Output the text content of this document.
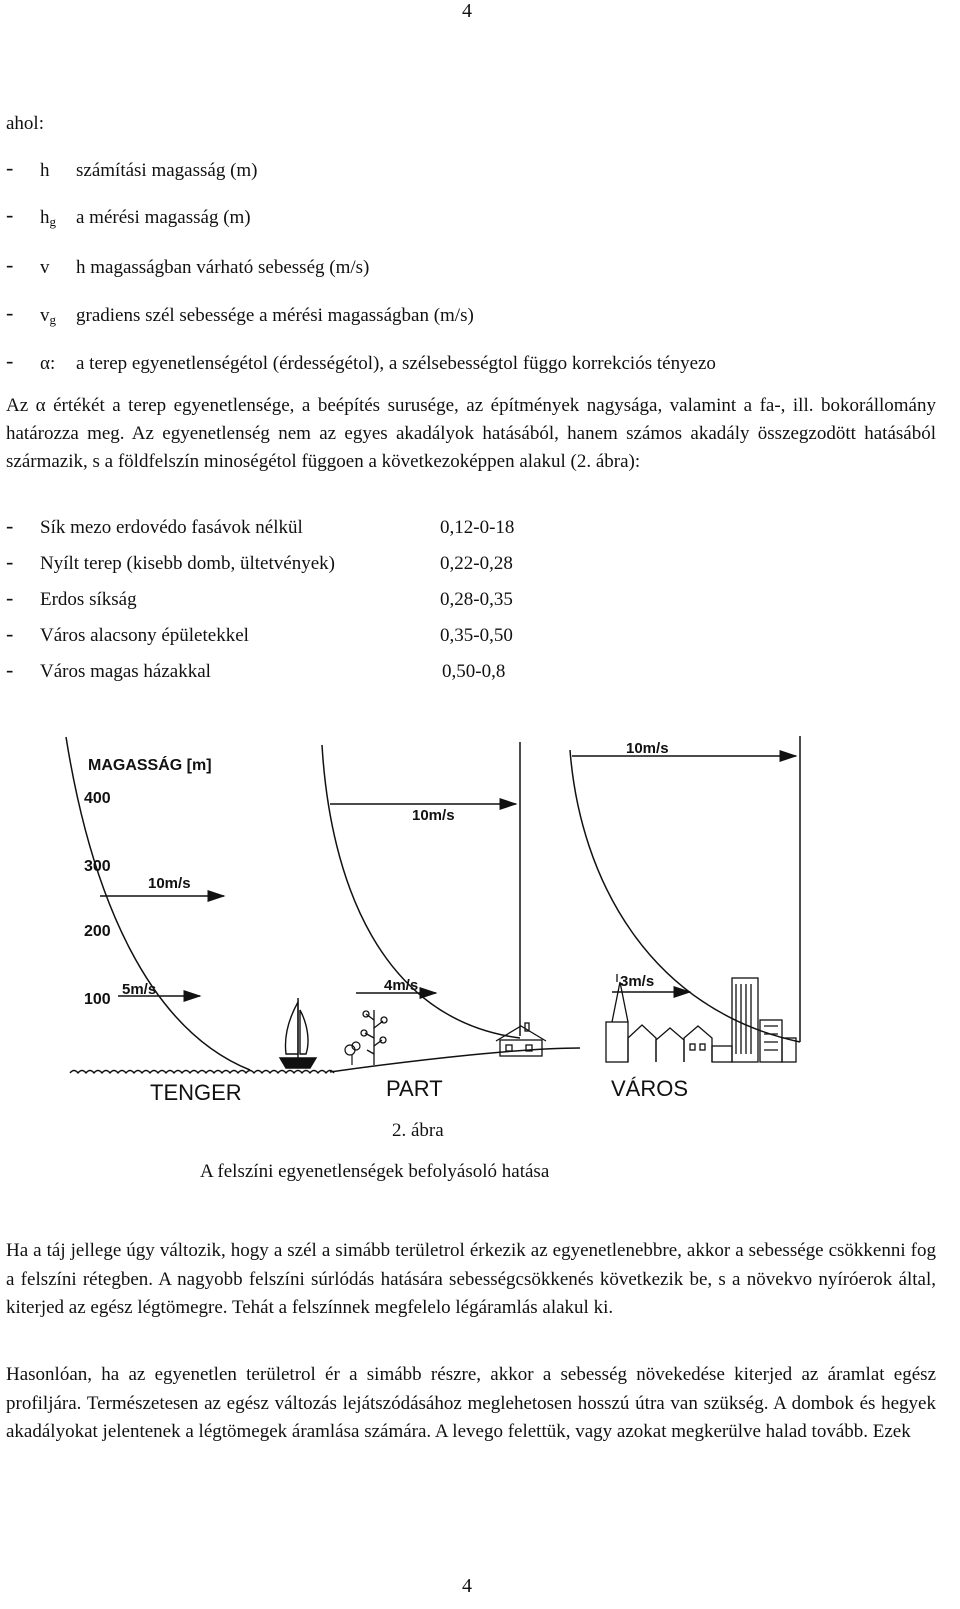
4
ahol:
- h számítási magasság (m)
- $h_g$ a mérési magasság (m)
- v h magasságban várható sebesség (m/s)
- $v_g$ gradiens szél sebessége a mérési magasságban (m/s)
- α: a terep egyenetlenségétol (érdességétol), a szélsebességtol függo korrekciós tényezo
Az α értékét a terep egyenetlensége, a beépítés surusége, az építmények nagysága, valamint a fa-, ill. bokorállomány határozza meg. Az egyenetlenség nem az egyes akadályok hatásából, hanem számos akadály összegzodött hatásából származik, s a földfelszín minoségétol függoen a következoképpen alakul (2. ábra):
- Sík mezo erdovédo fasávok nélkül	0,12-0-18
- Nyílt terep (kisebb domb, ültetvények)	0,22-0,28
- Erdos síkság	0,28-0,35
- Város alacsony épületekkel	0,35-0,50
- Város magas házakkal	0,50-0,8
MAGASSÁG [m]
400
300
200
100
10m/s
5m/s
10m/s
4m/s
10m/s
3m/s
TENGER	PART	VÁROS
2. ábra
A felszíni egyenetlenségek befolyásoló hatása
Ha a táj jellege úgy változik, hogy a szél a simább területrol érkezik az egyenetlenebbre, akkor a sebessége csökkenni fog a felszíni rétegben. A nagyobb felszíni súrlódás hatására sebességcsökkenés következik be, s a növekvo nyíróerok által, kiterjed az egész légtömegre. Tehát a felszínnek megfelelo légáramlás alakul ki.
Hasonlóan, ha az egyenetlen területrol ér a simább részre, akkor a sebesség növekedése kiterjed az áramlat egész profiljára. Természetesen az egész változás lejátszódásához meglehetosen hosszú útra van szükség. A dombok és hegyek akadályokat jelentenek a légtömegek áramlása számára. A levego felettük, vagy azokat megkerülve halad tovább. Ezek
4
